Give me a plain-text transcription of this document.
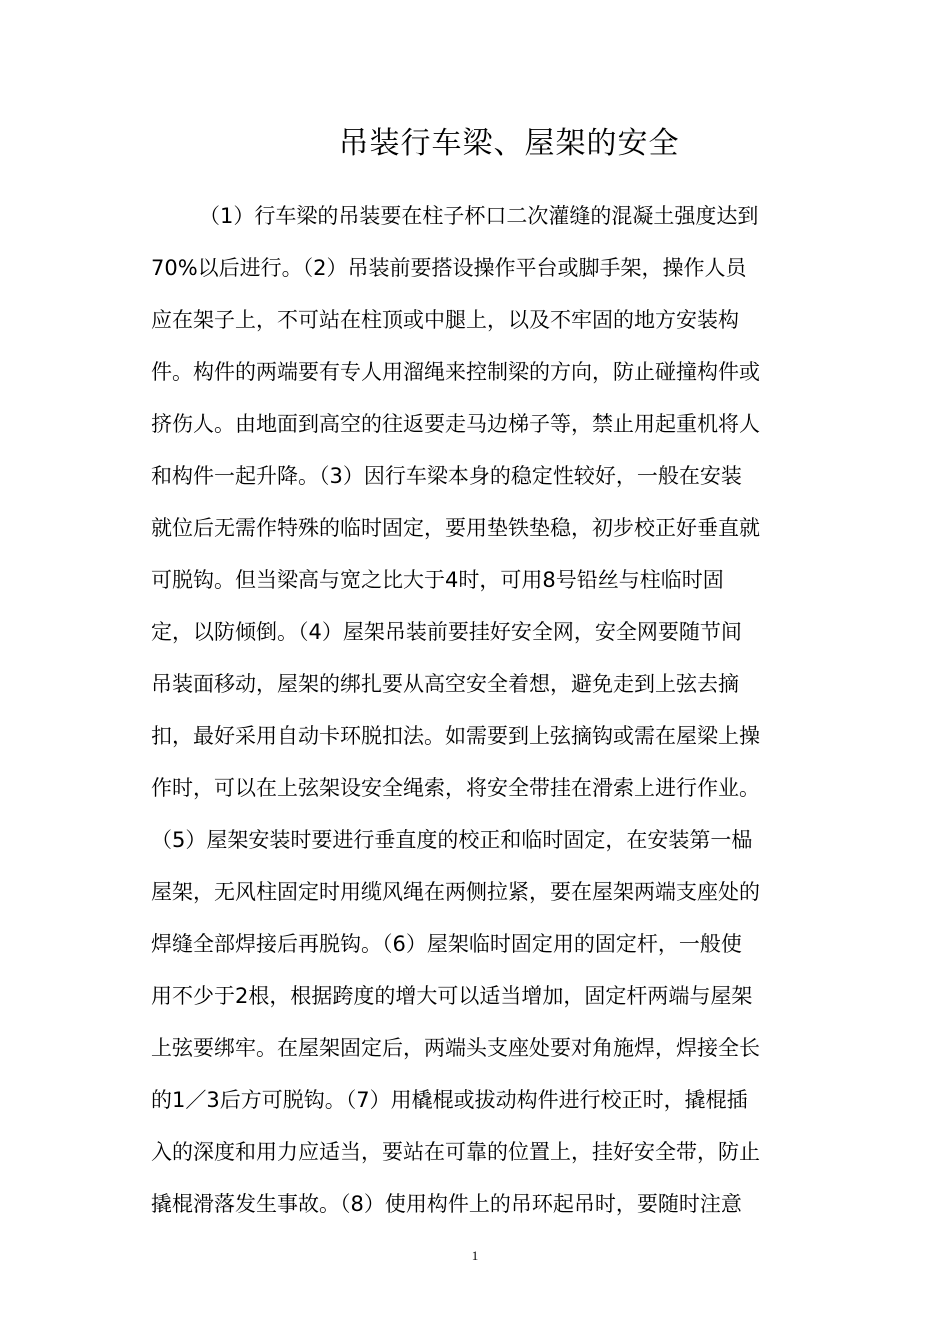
吊装行车梁、屋架的安全
（1）行车梁的吊装要在柱子杯口二次灌缝的混凝土强度达到
70%以后进行。（2）吊装前要搭设操作平台或脚手架，操作人员
应在架子上，不可站在柱顶或中腿上，以及不牢固的地方安装构
件。构件的两端要有专人用溜绳来控制梁的方向，防止碰撞构件或
挤伤人。由地面到高空的往返要走马边梯子等，禁止用起重机将人
和构件一起升降。（3）因行车梁本身的稳定性较好，一般在安装
就位后无需作特殊的临时固定，要用垫铁垫稳，初步校正好垂直就
可脱钩。但当梁高与宽之比大于4时，可用8号铅丝与柱临时固
定，以防倾倒。（4）屋架吊装前要挂好安全网，安全网要随节间
吊装面移动，屋架的绑扎要从高空安全着想，避免走到上弦去摘
扣，最好采用自动卡环脱扣法。如需要到上弦摘钩或需在屋梁上操
作时，可以在上弦架设安全绳索，将安全带挂在滑索上进行作业。
（5）屋架安装时要进行垂直度的校正和临时固定，在安装第一榀
屋架，无风柱固定时用缆风绳在两侧拉紧，要在屋架两端支座处的
焊缝全部焊接后再脱钩。（6）屋架临时固定用的固定杆，一般使
用不少于2根，根据跨度的增大可以适当增加，固定杆两端与屋架
上弦要绑牢。在屋架固定后，两端头支座处要对角施焊，焊接全长
的1／3后方可脱钩。（7）用橇棍或拔动构件进行校正时，撬棍插
入的深度和用力应适当，要站在可靠的位置上，挂好安全带，防止
撬棍滑落发生事故。（8）使用构件上的吊环起吊时，要随时注意
1
